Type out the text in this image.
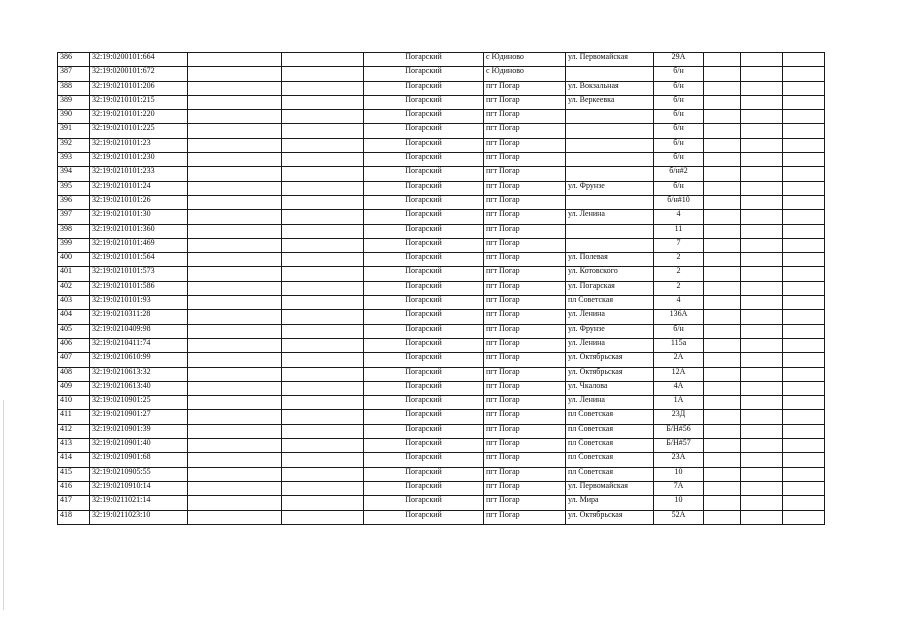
386	32:19:0200101:664			Погарский	с Юдиново	ул. Первомайская	29А			
387	32:19:0200101:672			Погарский	с Юдиново		б/н			
388	32:19:0210101:206			Погарский	пгт Погар	ул. Вокзальная	б/н			
389	32:19:0210101:215			Погарский	пгт Погар	ул. Веркеевка	б/н			
390	32:19:0210101:220			Погарский	пгт Погар		б/н			
391	32:19:0210101:225			Погарский	пгт Погар		б/н			
392	32:19:0210101:23			Погарский	пгт Погар		б/н			
393	32:19:0210101:230			Погарский	пгт Погар		б/н			
394	32:19:0210101:233			Погарский	пгт Погар		б/н#2			
395	32:19:0210101:24			Погарский	пгт Погар	ул. Фрунзе	б/н			
396	32:19:0210101:26			Погарский	пгт Погар		б/н#10			
397	32:19:0210101:30			Погарский	пгт Погар	ул. Ленина	4			
398	32:19:0210101:360			Погарский	пгт Погар		11			
399	32:19:0210101:469			Погарский	пгт Погар		7			
400	32:19:0210101:564			Погарский	пгт Погар	ул. Полевая	2			
401	32:19:0210101:573			Погарский	пгт Погар	ул. Котовского	2			
402	32:19:0210101:586			Погарский	пгт Погар	ул. Погарская	2			
403	32:19:0210101:93			Погарский	пгт Погар	пл Советская	4			
404	32:19:0210311:28			Погарский	пгт Погар	ул. Ленина	136А			
405	32:19:0210409:98			Погарский	пгт Погар	ул. Фрунзе	б/н			
406	32:19:0210411:74			Погарский	пгт Погар	ул. Ленина	115а			
407	32:19:0210610:99			Погарский	пгт Погар	ул. Октябрьская	2А			
408	32:19:0210613:32			Погарский	пгт Погар	ул. Октябрьская	12А			
409	32:19:0210613:40			Погарский	пгт Погар	ул. Чкалова	4А			
410	32:19:0210901:25			Погарский	пгт Погар	ул. Ленина	1А			
411	32:19:0210901:27			Погарский	пгт Погар	пл Советская	23Д			
412	32:19:0210901:39			Погарский	пгт Погар	пл Советская	Б/Н#56			
413	32:19:0210901:40			Погарский	пгт Погар	пл Советская	Б/Н#57			
414	32:19:0210901:68			Погарский	пгт Погар	пл Советская	23А			
415	32:19:0210905:55			Погарский	пгт Погар	пл Советская	10			
416	32:19:0210910:14			Погарский	пгт Погар	ул. Первомайская	7А			
417	32:19:0211021:14			Погарский	пгт Погар	ул. Мира	10			
418	32:19:0211023:10			Погарский	пгт Погар	ул. Октябрьская	52А			
